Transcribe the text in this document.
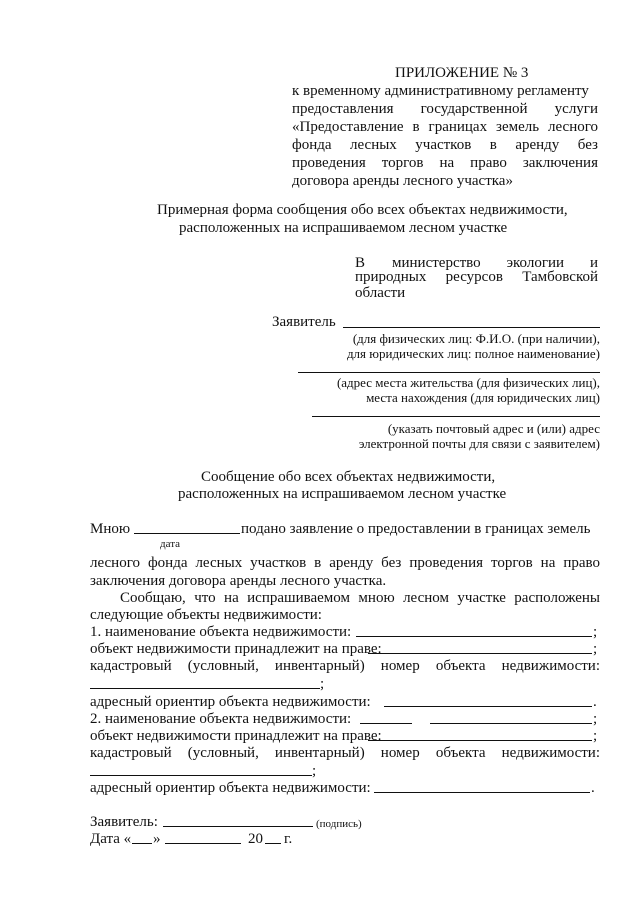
ПРИЛОЖЕНИЕ № 3
к временному административному регламенту
предоставления государственной услуги
«Предоставление в границах земель лесного
фонда лесных участков в аренду без
проведения торгов на право заключения
договора аренды лесного участка»
Примерная форма сообщения обо всех объектах недвижимости,
расположенных на испрашиваемом лесном участке
В министерство экологии и
природных ресурсов Тамбовской
области
Заявитель
(для физических лиц: Ф.И.О. (при наличии),
для юридических лиц: полное наименование)
(адрес места жительства (для физических лиц),
места нахождения (для юридических лиц)
(указать почтовый адрес и (или) адрес
электронной почты для связи с заявителем)
Сообщение обо всех объектах недвижимости,
расположенных на испрашиваемом лесном участке
Мною	подано заявление о предоставлении в границах земель
дата
лесного фонда лесных участков в аренду без проведения торгов на право
заключения договора аренды лесного участка.
Сообщаю, что на испрашиваемом мною лесном участке расположены
следующие объекты недвижимости:
1. наименование объекта недвижимости:	;
объект недвижимости принадлежит на праве:	;
кадастровый (условный, инвентарный) номер объекта недвижимости:
;
адресный ориентир объекта недвижимости:	.
2. наименование объекта недвижимости:	;
объект недвижимости принадлежит на праве:	;
кадастровый (условный, инвентарный) номер объекта недвижимости:
;
адресный ориентир объекта недвижимости:	.
Заявитель:	(подпись)
Дата « »	20 г.
